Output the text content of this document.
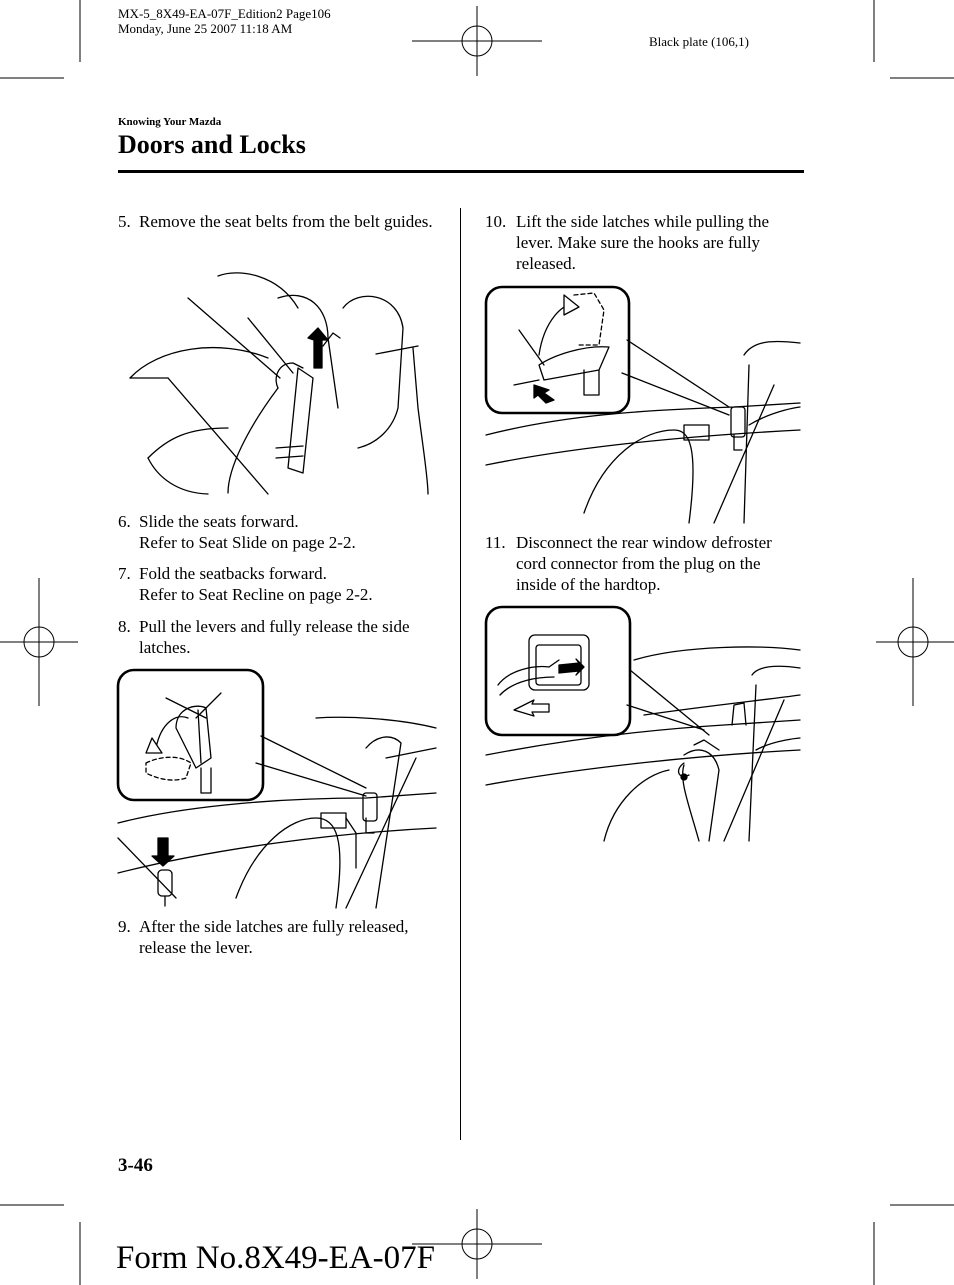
MX-5_8X49-EA-07F_Edition2 Page106
Monday, June 25 2007 11:18 AM
Black plate (106,1)
Knowing Your Mazda
Doors and Locks
5. Remove the seat belts from the belt guides.
6. Slide the seats forward.
Refer to Seat Slide on page 2-2.
7. Fold the seatbacks forward.
Refer to Seat Recline on page 2-2.
8. Pull the levers and fully release the side latches.
9. After the side latches are fully released, release the lever.
10. Lift the side latches while pulling the lever. Make sure the hooks are fully released.
11. Disconnect the rear window defroster cord connector from the plug on the inside of the hardtop.
3-46
Form No.8X49-EA-07F
